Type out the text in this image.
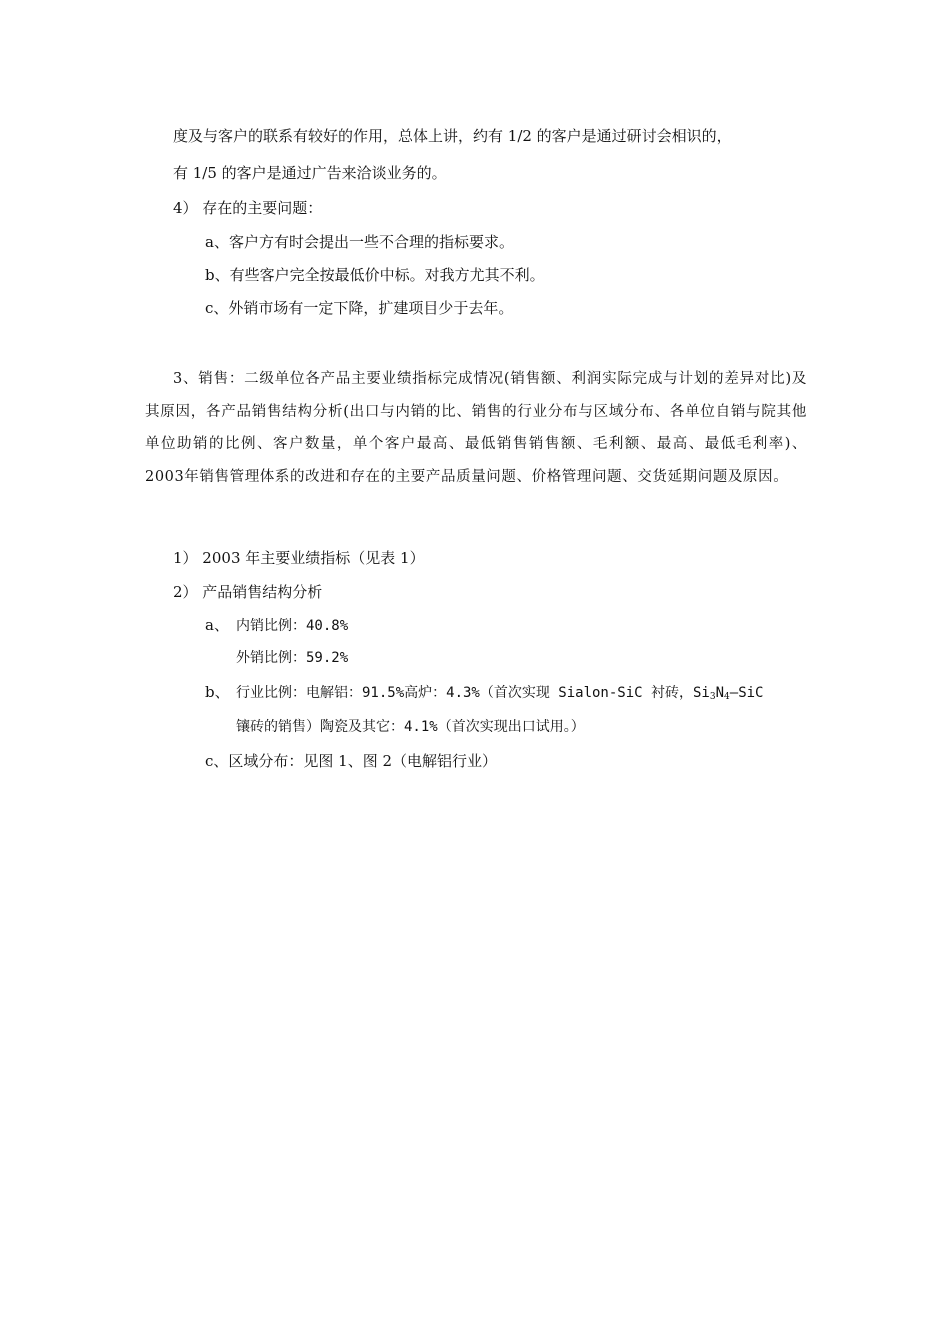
度及与客户的联系有较好的作用，总体上讲，约有 1/2 的客户是通过研讨会相识的，
有 1/5 的客户是通过广告来洽谈业务的。
4） 存在的主要问题：
a、客户方有时会提出一些不合理的指标要求。
b、有些客户完全按最低价中标。对我方尤其不利。
c、外销市场有一定下降，扩建项目少于去年。
3、销售：二级单位各产品主要业绩指标完成情况(销售额、利润实际完成与计划的差异对比)及其原因，各产品销售结构分析(出口与内销的比、销售的行业分布与区域分布、各单位自销与院其他单位助销的比例、客户数量，单个客户最高、最低销售销售额、毛利额、最高、最低毛利率)、2003年销售管理体系的改进和存在的主要产品质量问题、价格管理问题、交货延期问题及原因。
1） 2003 年主要业绩指标（见表 1）
2） 产品销售结构分析
a、 内销比例：40.8%
外销比例：59.2%
b、 行业比例：电解铝：91.5%高炉：4.3%（首次实现 Sialon-SiC 衬砖，$Si_3N_4—SiC$
镶砖的销售）陶瓷及其它：4.1%（首次实现出口试用。）
c、区域分布：见图 1、图 2（电解铝行业）
